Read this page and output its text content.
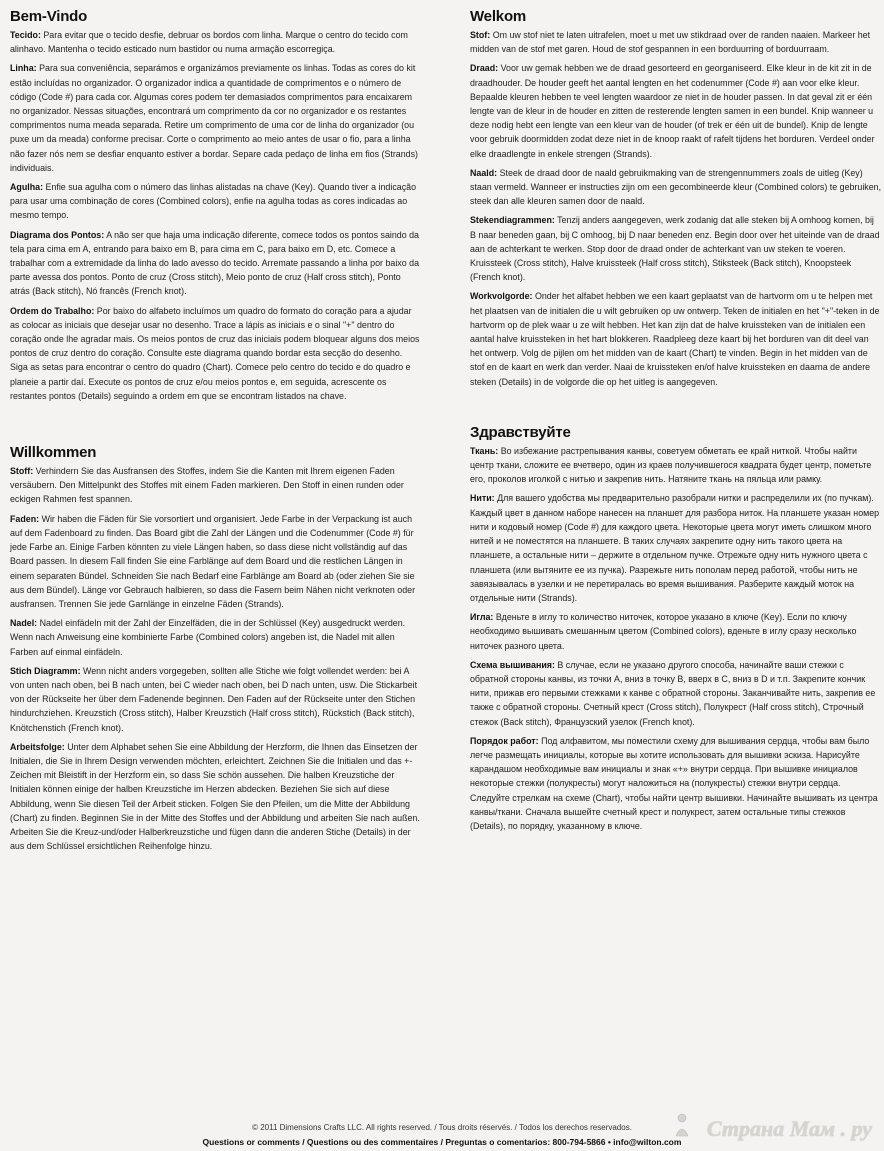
Bem-Vindo

Tecido: Para evitar que o tecido desfie, debruar os bordos com linha. Marque o centro do tecido com alinhavo. Mantenha o tecido esticado num bastidor ou numa armação escorregiça.

Linha: Para sua conveniência, separámos e organizámos previamente os linhas. Todas as cores do kit estão incluídas no organizador. O organizador indica a quantidade de comprimentos e o número de código (Code #) para cada cor. Algumas cores podem ter demasiados comprimentos para encaixarem no organizador. Nessas situações, encontrará um comprimento da cor no organizador e os restantes comprimentos numa meada separada. Retire um comprimento de uma cor de linha do organizador (ou puxe um da meada) conforme precisar. Corte o comprimento ao meio antes de usar o fio, para a linha não fazer nós nem se desfiar enquanto estiver a bordar. Separe cada pedaço de linha em fios (Strands) individuais.

Agulha: Enfie sua agulha com o número das linhas alistadas na chave (Key). Quando tiver a indicação para usar uma combinação de cores (Combined colors), enfie na agulha todas as cores indicadas ao mesmo tempo.

Diagrama dos Pontos: A não ser que haja uma indicação diferente, comece todos os pontos saindo da tela para cima em A, entrando para baixo em B, para cima em C, para baixo em D, etc. Comece a trabalhar com a extremidade da linha do lado avesso do tecido. Arremate passando a linha por baixo da parte avessa dos pontos. Ponto de cruz (Cross stitch), Meio ponto de cruz (Half cross stitch), Ponto atrás (Back stitch), Nó francês (French knot).

Ordem do Trabalho: Por baixo do alfabeto incluímos um quadro do formato do coração para a ajudar as colocar as iniciais que desejar usar no desenho. Trace a lápis as iniciais e o sinal "+" dentro do coração onde lhe agradar mais. Os meios pontos de cruz das iniciais podem bloquear alguns dos meios pontos de cruz dentro do coração. Consulte este diagrama quando bordar esta secção do desenho. Siga as setas para encontrar o centro do quadro (Chart). Comece pelo centro do tecido e do quadro e planeie a partir daí. Execute os pontos de cruz e/ou meios pontos e, em seguida, acrescente os restantes pontos (Details) seguindo a ordem em que se encontram listados na chave.

Willkommen

Stoff: Verhindern Sie das Ausfransen des Stoffes, indem Sie die Kanten mit Ihrem eigenen Faden versäubern. Den Mittelpunkt des Stoffes mit einem Faden markieren. Den Stoff in einen runden oder eckigen Rahmen fest spannen.

Faden: Wir haben die Fäden für Sie vorsortiert und organisiert. Jede Farbe in der Verpackung ist auch auf dem Fadenboard zu finden. Das Board gibt die Zahl der Längen und die Codenummer (Code #) für jede Farbe an. Einige Farben könnten zu viele Längen haben, so dass diese nicht vollständig auf das Board passen. In diesem Fall finden Sie eine Farblänge auf dem Board und die restlichen Längen in einem separaten Bündel. Schneiden Sie nach Bedarf eine Farblänge am Board ab (oder ziehen Sie sie aus dem Bündel). Länge vor Gebrauch halbieren, so dass die Fasern beim Nähen nicht verknoten oder ausfransen. Trennen Sie jede Garnlänge in einzelne Fäden (Strands).

Nadel: Nadel einfädeln mit der Zahl der Einzelfäden, die in der Schlüssel (Key) ausgedruckt werden. Wenn nach Anweisung eine kombinierte Farbe (Combined colors) angeben ist, die Nadel mit allen Farben auf einmal einfädeln.

Stich Diagramm: Wenn nicht anders vorgegeben, sollten alle Stiche wie folgt vollendet werden: bei A von unten nach oben, bei B nach unten, bei C wieder nach oben, bei D nach unten, usw. Die Stickarbeit von der Rückseite her über dem Fadenende beginnen. Den Faden auf der Rückseite unter den Stichen hindurchziehen. Kreuzstich (Cross stitch), Halber Kreuzstich (Half cross stitch), Rückstich (Back stitch), Knötchenstich (French knot).

Arbeitsfolge: Unter dem Alphabet sehen Sie eine Abbildung der Herzform, die Ihnen das Einsetzen der Initialen, die Sie in Ihrem Design verwenden möchten, erleichtert. Zeichnen Sie die Initialen und das +-Zeichen mit Bleistift in der Herzform ein, so dass Sie schön aussehen. Die halben Kreuzstiche der Initialen können einige der halben Kreuzstiche im Herzen abdecken. Beziehen Sie sich auf diese Abbildung, wenn Sie diesen Teil der Arbeit sticken. Folgen Sie den Pfeilen, um die Mitte der Abbildung (Chart) zu finden. Beginnen Sie in der Mitte des Stoffes und der Abbildung und arbeiten Sie nach außen. Arbeiten Sie die Kreuz-und/oder Halberkreuzstiche und fügen dann die anderen Stiche (Details) in der aus dem Schlüssel ersichtlichen Reihenfolge hinzu.

Welkom

Stof: Om uw stof niet te laten uitrafelen, moet u met uw stikdraad over de randen naaien. Markeer het midden van de stof met garen. Houd de stof gespannen in een borduurring of borduurraam.

Draad: Voor uw gemak hebben we de draad gesorteerd en georganiseerd. Elke kleur in de kit zit in de draadhouder. De houder geeft het aantal lengten en het codenummer (Code #) aan voor elke kleur. Bepaalde kleuren hebben te veel lengten waardoor ze niet in de houder passen. In dat geval zit er één lengte van de kleur in de houder en zitten de resterende lengten samen in een bundel. Knip wanneer u deze nodig hebt een lengte van een kleur van de houder (of trek er één uit de bundel). Knip de lengte voor gebruik doormidden zodat deze niet in de knoop raakt of rafelt tijdens het borduren. Verdeel onder elke draadlengte in enkele strengen (Strands).

Naald: Steek de draad door de naald gebruikmaking van de strengennummers zoals de uitleg (Key) staan vermeld. Wanneer er instructies zijn om een gecombineerde kleur (Combined colors) te gebruiken, steek dan alle kleuren samen door de naald.

Stekendiagrammen: Tenzij anders aangegeven, werk zodanig dat alle steken bij A omhoog komen, bij B naar beneden gaan, bij C omhoog, bij D naar beneden enz. Begin door over het uiteinde van de draad aan de achterkant te werken. Stop door de draad onder de achterkant van uw steken te voeren. Kruissteek (Cross stitch), Halve kruissteek (Half cross stitch), Stiksteek (Back stitch), Knoopsteek (French knot).

Workvolgorde: Onder het alfabet hebben we een kaart geplaatst van de hartvorm om u te helpen met het plaatsen van de initialen die u wilt gebruiken op uw ontwerp. Teken de initialen en het "+"-teken in de hartvorm op de plek waar u ze wilt hebben. Het kan zijn dat de halve kruissteken van de initialen een aantal halve kruissteken in het hart blokkeren. Raadpleeg deze kaart bij het borduren van dit deel van het ontwerp. Volg de pijlen om het midden van de kaart (Chart) te vinden. Begin in het midden van de stof en de kaart en werk dan verder. Naai de kruissteken en/of halve kruissteken en daarna de andere steken (Details) in de volgorde die op het uitleg is aangegeven.

Здравствуйте

Ткань: Во избежание растрепывания канвы, советуем обметать ее край ниткой. Чтобы найти центр ткани, сложите ее вчетверо, один из краев получившегося квадрата будет центр, пометьте его, проколов иголкой с нитью и закрепив нить. Натяните ткань на пяльца или рамку.

Нити: Для вашего удобства мы предварительно разобрали нитки и распределили их (по пучкам). Каждый цвет в данном наборе нанесен на планшет для разбора ниток. На планшете указан номер нити и кодовый номер (Code #) для каждого цвета. Некоторые цвета могут иметь слишком много нитей и не поместятся на планшете. В таких случаях закрепите одну нить такого цвета на планшете, а остальные нити – держите в отдельном пучке. Отрежьте одну нить нужного цвета с планшета (или вытяните ее из пучка). Разрежьте нить пополам перед работой, чтобы нить не завязывалась в узелки и не перетиралась во время вышивания. Разберите каждый моток на отдельные нити (Strands).

Игла: Вденьте в иглу то количество ниточек, которое указано в ключе (Key). Если по ключу необходимо вышивать смешанным цветом (Combined colors), вденьте в иглу сразу несколько ниточек разного цвета.

Схема вышивания: В случае, если не указано другого способа, начинайте ваши стежки с обратной стороны канвы, из точки А, вниз в точку В, вверх в С, вниз в D и т.п. Закрепите кончик нити, прижав его первыми стежками к канве с обратной стороны. Заканчивайте нить, закрепив ее также с обратной стороны. Счетный крест (Cross stitch), Полукрест (Half cross stitch), Строчный стежок (Back stitch), Французский узелок (French knot).

Порядок работ: Под алфавитом, мы поместили схему для вышивания сердца, чтобы вам было легче размещать инициалы, которые вы хотите использовать для вышивки эскиза. Нарисуйте карандашом необходимые вам инициалы и знак «+» внутри сердца. При вышивке инициалов некоторые стежки (полукресты) могут наложиться на (полукресты) стежки внутри сердца. Следуйте стрелкам на схеме (Chart), чтобы найти центр вышивки. Начинайте вышивать из центра канвы/ткани. Сначала вышейте счетный крест и полукрест, затем остальные типы стежков (Details), по порядку, указанному в ключе.

© 2011 Dimensions Crafts LLC. All rights reserved. / Tous droits réservés. / Todos los derechos reservados.
Questions or comments / Questions ou des commentaires / Preguntas o comentarios: 800-794-5866 • info@wilton.com
Страна Мам . ру
